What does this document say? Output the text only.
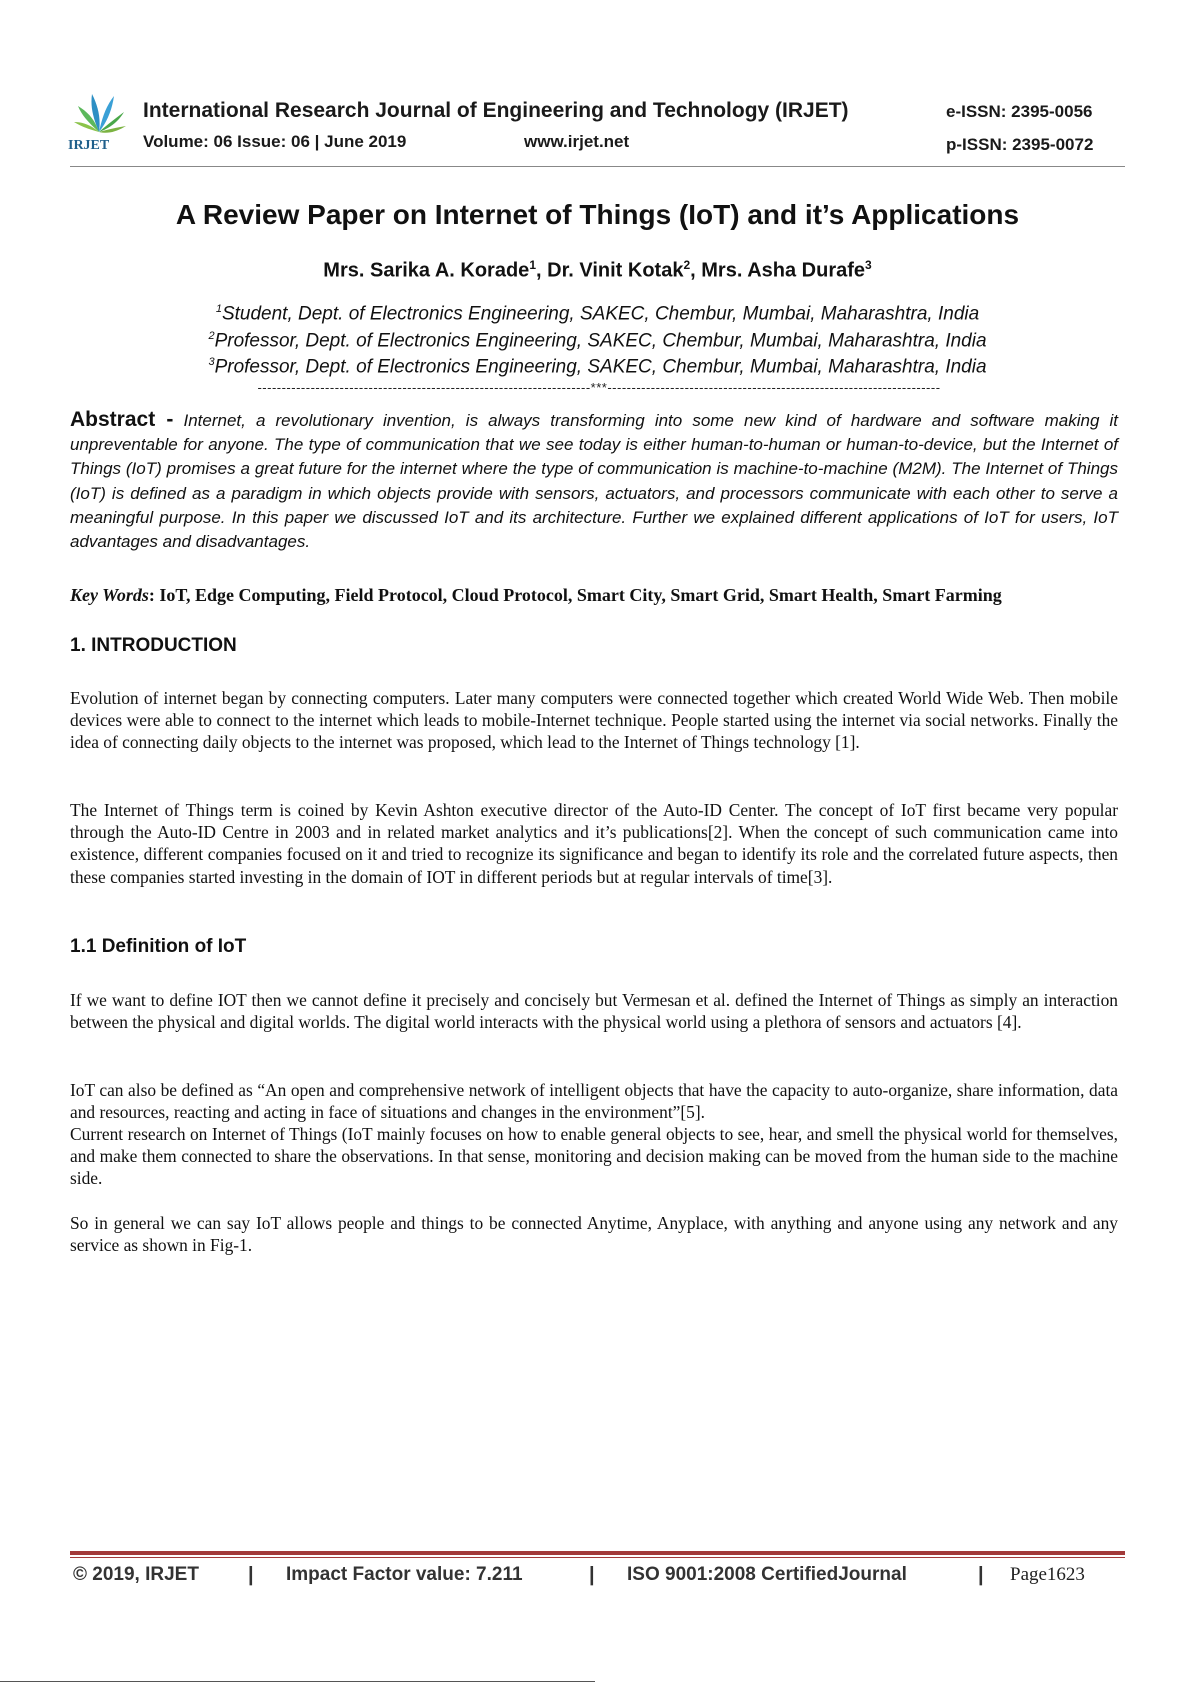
IRJET
International Research Journal of Engineering and Technology (IRJET)
Volume: 06 Issue: 06 | June 2019	www.irjet.net
e-ISSN: 2395-0056
p-ISSN: 2395-0072
A Review Paper on Internet of Things (IoT) and it’s Applications
Mrs. Sarika A. Korade$^1$, Dr. Vinit Kotak$^2$, Mrs. Asha Durafe$^3$
$^1$Student, Dept. of Electronics Engineering, SAKEC, Chembur, Mumbai, Maharashtra, India
$^2$Professor, Dept. of Electronics Engineering, SAKEC, Chembur, Mumbai, Maharashtra, India
$^3$Professor, Dept. of Electronics Engineering, SAKEC, Chembur, Mumbai, Maharashtra, India
---------------------------------------------------------------------***---------------------------------------------------------------------
Abstract - Internet, a revolutionary invention, is always transforming into some new kind of hardware and software making it unpreventable for anyone. The type of communication that we see today is either human-to-human or human-to-device, but the Internet of Things (IoT) promises a great future for the internet where the type of communication is machine-to-machine (M2M). The Internet of Things (IoT) is defined as a paradigm in which objects provide with sensors, actuators, and processors communicate with each other to serve a meaningful purpose. In this paper we discussed IoT and its architecture. Further we explained different applications of IoT for users, IoT advantages and disadvantages.
Key Words: IoT, Edge Computing, Field Protocol, Cloud Protocol, Smart City, Smart Grid, Smart Health, Smart Farming
1. INTRODUCTION
Evolution of internet began by connecting computers. Later many computers were connected together which created World Wide Web. Then mobile devices were able to connect to the internet which leads to mobile-Internet technique. People started using the internet via social networks. Finally the idea of connecting daily objects to the internet was proposed, which lead to the Internet of Things technology [1].
The Internet of Things term is coined by Kevin Ashton executive director of the Auto-ID Center. The concept of IoT first became very popular through the Auto-ID Centre in 2003 and in related market analytics and it’s publications[2]. When the concept of such communication came into existence, different companies focused on it and tried to recognize its significance and began to identify its role and the correlated future aspects, then these companies started investing in the domain of IOT in different periods but at regular intervals of time[3].
1.1 Definition of IoT
If we want to define IOT then we cannot define it precisely and concisely but Vermesan et al. defined the Internet of Things as simply an interaction between the physical and digital worlds. The digital world interacts with the physical world using a plethora of sensors and actuators [4].
IoT can also be defined as “An open and comprehensive network of intelligent objects that have the capacity to auto-organize, share information, data and resources, reacting and acting in face of situations and changes in the environment”[5].
Current research on Internet of Things (IoT mainly focuses on how to enable general objects to see, hear, and smell the physical world for themselves, and make them connected to share the observations. In that sense, monitoring and decision making can be moved from the human side to the machine side.
So in general we can say IoT allows people and things to be connected Anytime, Anyplace, with anything and anyone using any network and any service as shown in Fig-1.
© 2019, IRJET | Impact Factor value: 7.211	| ISO 9001:2008 CertifiedJournal	| Page1623
